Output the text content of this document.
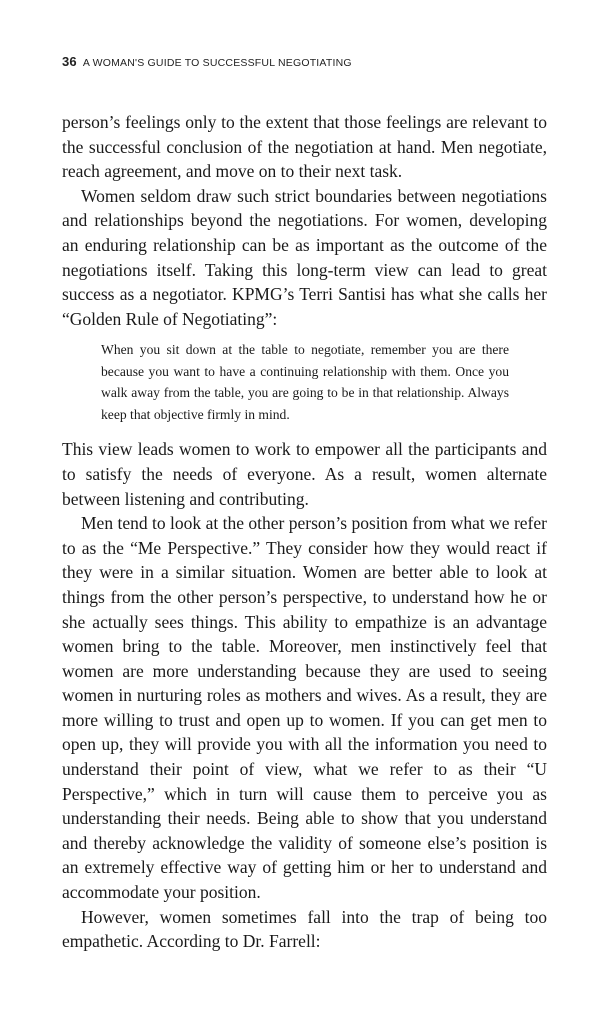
36 A WOMAN'S GUIDE TO SUCCESSFUL NEGOTIATING

person’s feelings only to the extent that those feelings are relevant to the successful conclusion of the negotiation at hand. Men negotiate, reach agreement, and move on to their next task.

Women seldom draw such strict boundaries between negotiations and relationships beyond the negotiations. For women, developing an enduring relationship can be as important as the outcome of the negotiations itself. Taking this long-term view can lead to great success as a negotiator. KPMG’s Terri Santisi has what she calls her “Golden Rule of Negotiating”:

When you sit down at the table to negotiate, remember you are there because you want to have a continuing relationship with them. Once you walk away from the table, you are going to be in that relationship. Always keep that objective firmly in mind.

This view leads women to work to empower all the participants and to satisfy the needs of everyone. As a result, women alternate between listening and contributing.

Men tend to look at the other person’s position from what we refer to as the “Me Perspective.” They consider how they would react if they were in a similar situation. Women are better able to look at things from the other person’s perspective, to understand how he or she actually sees things. This ability to empathize is an advantage women bring to the table. Moreover, men instinctively feel that women are more understanding because they are used to seeing women in nurturing roles as mothers and wives. As a result, they are more willing to trust and open up to women. If you can get men to open up, they will provide you with all the information you need to understand their point of view, what we refer to as their “U Perspective,” which in turn will cause them to perceive you as understanding their needs. Being able to show that you understand and thereby acknowledge the validity of someone else’s position is an extremely effective way of getting him or her to understand and accommodate your position.

However, women sometimes fall into the trap of being too empathetic. According to Dr. Farrell:
